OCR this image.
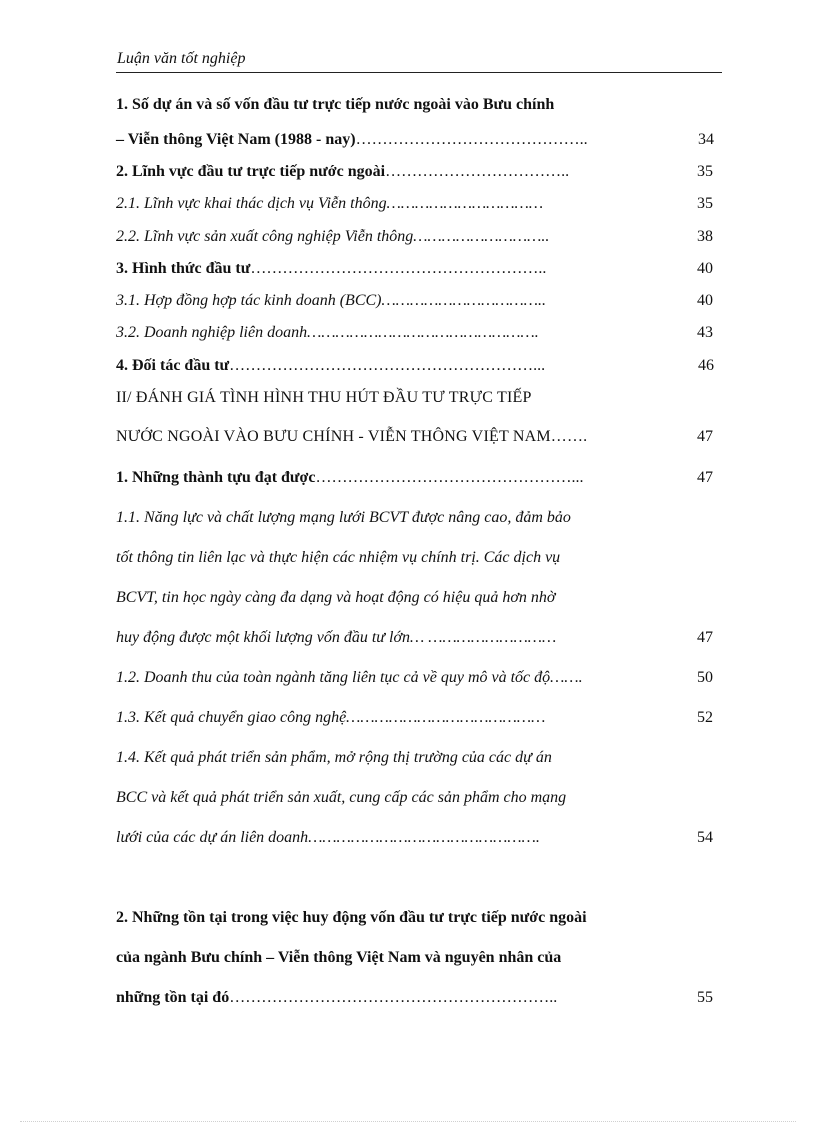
Luận văn tốt nghiệp
1. Số dự án và số vốn đầu tư trực tiếp nước ngoài vào Bưu chính
– Viễn thông Việt Nam (1988 - nay)……………………………………..	34
2. Lĩnh vực đầu tư trực tiếp nước ngoài……………………………..	35
2.1. Lĩnh vực khai thác dịch vụ Viễn thông……………………………	35
2.2. Lĩnh vực sản xuất công nghiệp Viễn thông………………………..	38
3. Hình thức đầu tư………………………………………………..	40
3.1. Hợp đồng hợp tác kinh doanh (BCC)……………………………..	40
3.2. Doanh nghiệp liên doanh………………………………………….	43
4. Đối tác đầu tư…………………………………………………...	46
II/ ĐÁNH GIÁ TÌNH HÌNH THU HÚT ĐẦU TƯ TRỰC TIẾP
NƯỚC NGOÀI VÀO BƯU CHÍNH - VIỄN THÔNG VIỆT NAM…….	47
1. Những thành tựu đạt được…………………………………………...	47
1.1. Năng lực và chất lượng mạng lưới BCVT được nâng cao, đảm bảo
tốt thông tin liên lạc và thực hiện các nhiệm vụ chính trị. Các dịch vụ
BCVT, tin học ngày càng đa dạng và hoạt động có hiệu quả hơn nhờ
huy động được một khối lượng vốn đầu tư lớn… ………………………	47
1.2. Doanh thu của toàn ngành tăng liên tục cả về quy mô và tốc độ…….	50
1.3. Kết quả chuyển giao công nghệ……………………………………	52
1.4. Kết quả phát triển sản phẩm, mở rộng thị trường của các dự án
BCC và kết quả phát triển sản xuất, cung cấp các sản phẩm cho mạng
lưới của các dự án liên doanh………………………………………….	54
2. Những tồn tại trong việc huy động vốn đầu tư trực tiếp nước ngoài
của ngành Bưu chính – Viễn thông Việt Nam và nguyên nhân của
những tồn tại đó……………………………………………………..	55
